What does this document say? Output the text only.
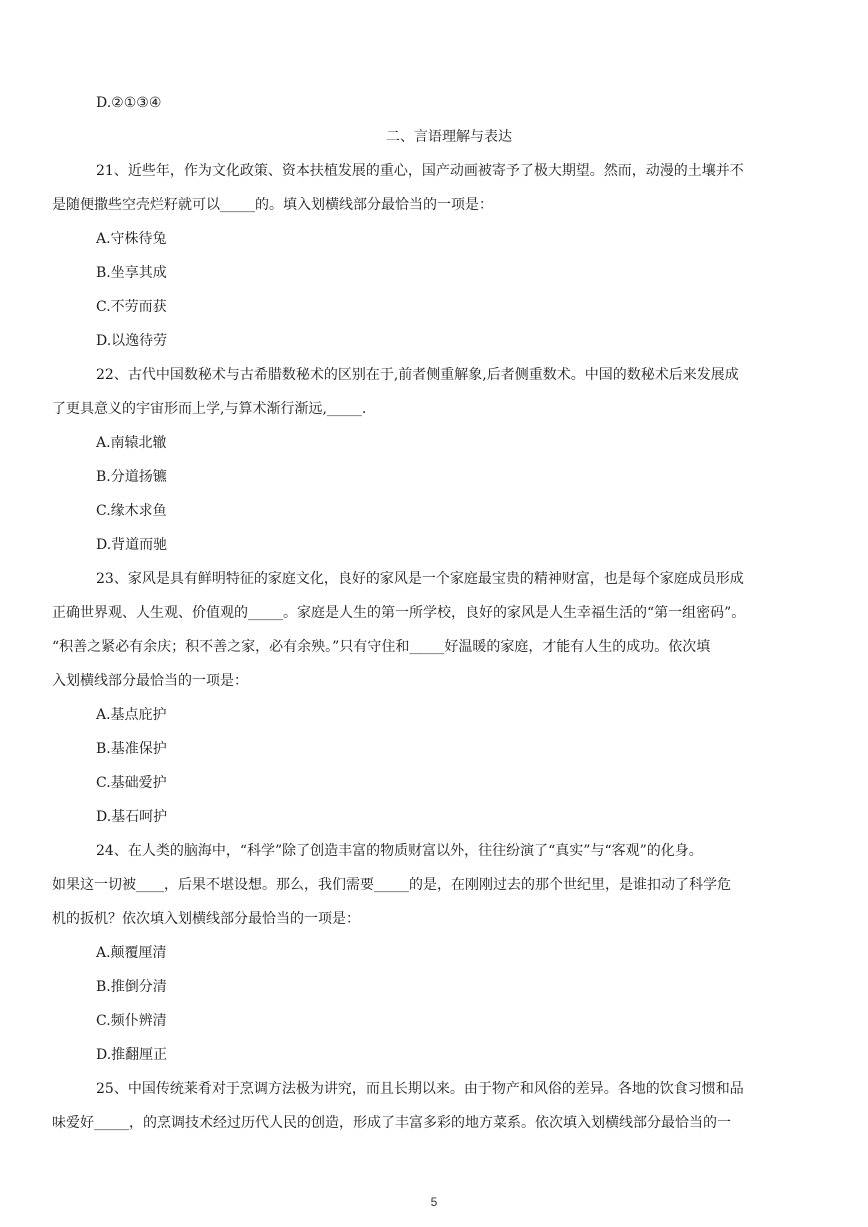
D.②①③④
二、言语理解与表达
21、近些年，作为文化政策、资本扶植发展的重心，国产动画被寄予了极大期望。然而，动漫的土壤并不
是随便撒些空壳烂籽就可以_____的。填入划横线部分最恰当的一项是：
A.守株待兔
B.坐享其成
C.不劳而获
D.以逸待劳
22、古代中国数秘术与古希腊数秘术的区别在于,前者侧重解象,后者侧重数术。中国的数秘术后来发展成
了更具意义的宇宙形而上学,与算术渐行渐远,_____.
A.南辕北辙
B.分道扬镳
C.缘木求鱼
D.背道而驰
23、家风是具有鲜明特征的家庭文化，良好的家风是一个家庭最宝贵的精神财富，也是每个家庭成员形成
正确世界观、人生观、价值观的_____。家庭是人生的第一所学校，良好的家风是人生幸福生活的“第一组密码”。
“积善之紧必有余庆；积不善之家，必有余殃。”只有守住和_____好温暖的家庭，才能有人生的成功。依次填
入划横线部分最恰当的一项是：
A.基点庇护
B.基准保护
C.基础爱护
D.基石呵护
24、在人类的脑海中，“科学”除了创造丰富的物质财富以外，往往纷演了“真实”与“客观”的化身。
如果这一切被____，后果不堪设想。那么，我们需要_____的是，在刚刚过去的那个世纪里，是谁扣动了科学危
机的扳机？依次填入划横线部分最恰当的一项是：
A.颠覆厘清
B.推倒分清
C.频仆辨清
D.推翻厘正
25、中国传统莱肴对于烹调方法极为讲究，而且长期以来。由于物产和风俗的差异。各地的饮食习惯和品
味爱好_____，的烹调技术经过历代人民的创造，形成了丰富多彩的地方菜系。依次填入划横线部分最恰当的一
5
